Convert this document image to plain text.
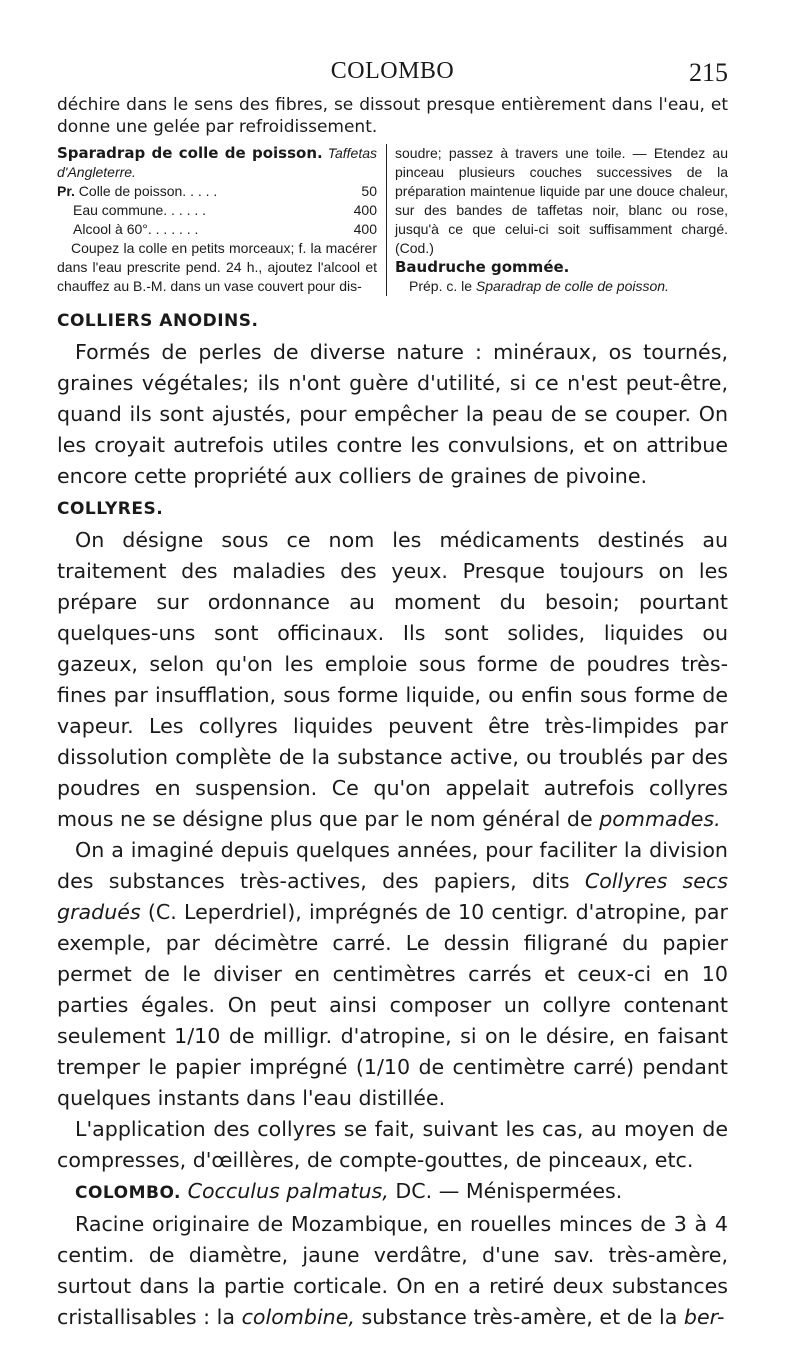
COLOMBO	215

déchire dans le sens des fibres, se dissout presque entièrement dans l'eau, et donne une gelée par refroidissement.

Sparadrap de colle de poisson. Taffetas d'Angleterre.

Pr. Colle de poisson. . . . .	50
Eau commune. . . . . .	400
Alcool à 60°. . . . . . .	400

Coupez la colle en petits morceaux; f. la macérer dans l'eau prescrite pend. 24 h., ajoutez l'alcool et chauffez au B.-M. dans un vase couvert pour dis-

soudre; passez à travers une toile. — Etendez au pinceau plusieurs couches successives de la préparation maintenue liquide par une douce chaleur, sur des bandes de taffetas noir, blanc ou rose, jusqu'à ce que celui-ci soit suffisamment chargé. (Cod.)

Baudruche gommée.

Prép. c. le Sparadrap de colle de poisson.

COLLIERS ANODINS.

Formés de perles de diverse nature : minéraux, os tournés, graines végétales; ils n'ont guère d'utilité, si ce n'est peut-être, quand ils sont ajustés, pour empêcher la peau de se couper. On les croyait autrefois utiles contre les convulsions, et on attribue encore cette propriété aux colliers de graines de pivoine.

COLLYRES.

On désigne sous ce nom les médicaments destinés au traitement des maladies des yeux. Presque toujours on les prépare sur ordonnance au moment du besoin; pourtant quelques-uns sont officinaux. Ils sont solides, liquides ou gazeux, selon qu'on les emploie sous forme de poudres très-fines par insufflation, sous forme liquide, ou enfin sous forme de vapeur. Les collyres liquides peuvent être très-limpides par dissolution complète de la substance active, ou troublés par des poudres en suspension. Ce qu'on appelait autrefois collyres mous ne se désigne plus que par le nom général de pommades.

On a imaginé depuis quelques années, pour faciliter la division des substances très-actives, des papiers, dits Collyres secs gradués (C. Leperdriel), imprégnés de 10 centigr. d'atropine, par exemple, par décimètre carré. Le dessin filigrané du papier permet de le diviser en centimètres carrés et ceux-ci en 10 parties égales. On peut ainsi composer un collyre contenant seulement 1/10 de milligr. d'atropine, si on le désire, en faisant tremper le papier imprégné (1/10 de centimètre carré) pendant quelques instants dans l'eau distillée.

L'application des collyres se fait, suivant les cas, au moyen de compresses, d'œillères, de compte-gouttes, de pinceaux, etc.

COLOMBO. Cocculus palmatus, DC. — Ménispermées.

Racine originaire de Mozambique, en rouelles minces de 3 à 4 centim. de diamètre, jaune verdâtre, d'une sav. très-amère, surtout dans la partie corticale. On en a retiré deux substances cristallisables : la colombine, substance très-amère, et de la ber-
